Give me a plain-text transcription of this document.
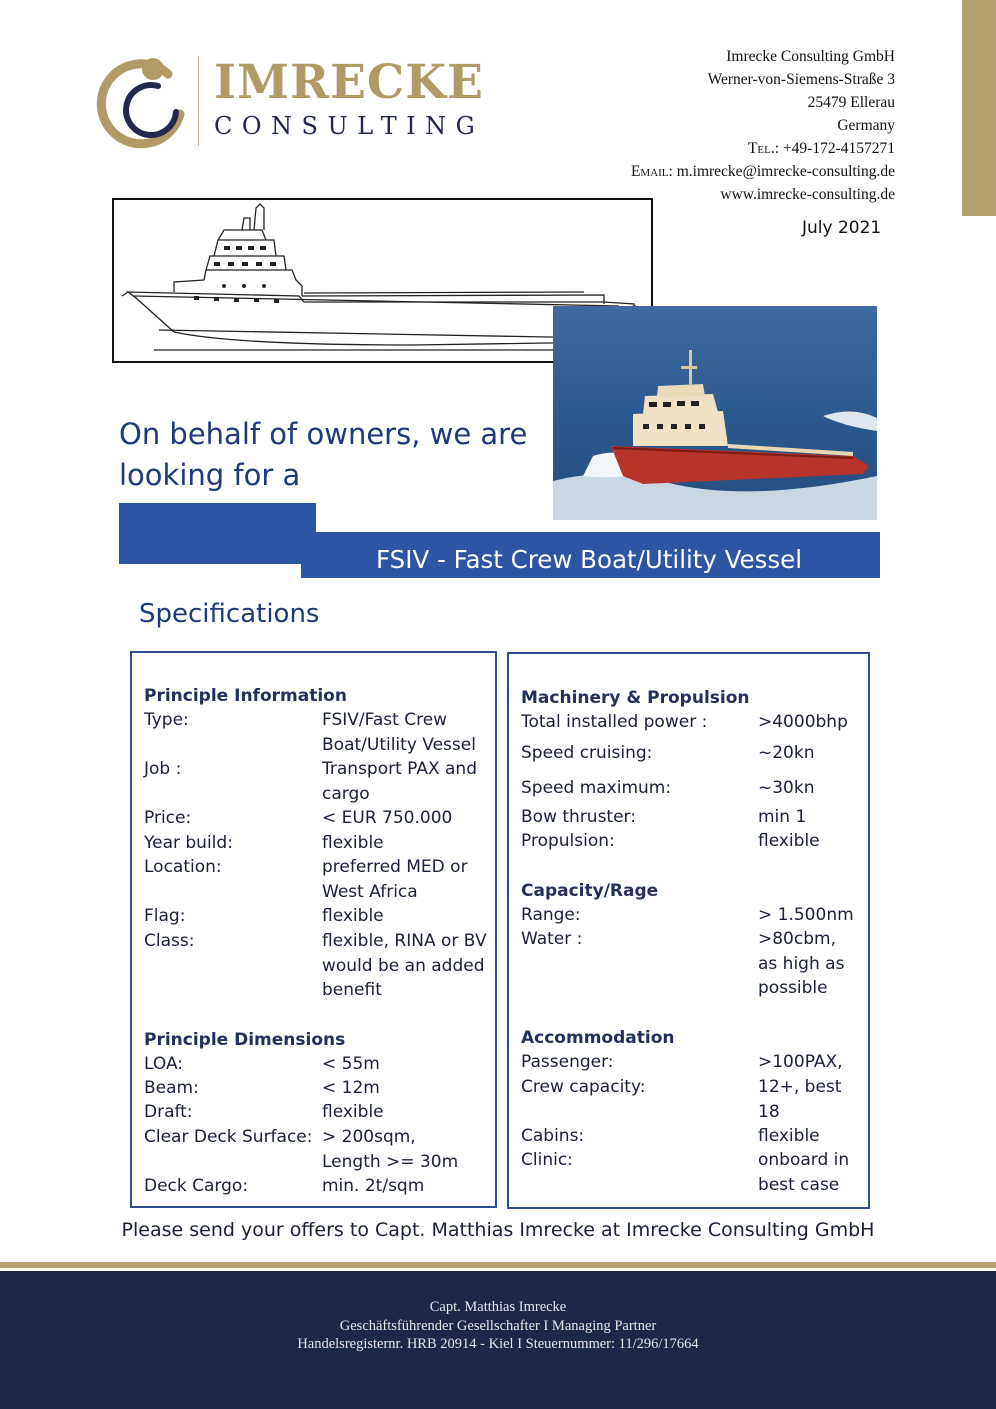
IMRECKE
CONSULTING
Imrecke Consulting GmbH
Werner-von-Siemens-Straße 3
25479 Ellerau
Germany
Tel.: +49-172-4157271
Email: m.imrecke@imrecke-consulting.de
www.imrecke-consulting.de
July 2021
On behalf of owners, we are
looking for a
FSIV - Fast Crew Boat/Utility Vessel
Specifications
Principle Information
Type:	FSIV/Fast Crew Boat/Utility Vessel
Job :	Transport PAX and cargo
Price:	< EUR 750.000
Year build:	flexible
Location:	preferred MED or West Africa
Flag:	flexible
Class:	flexible, RINA or BV would be an added benefit
Principle Dimensions
LOA:	< 55m
Beam:	< 12m
Draft:	flexible
Clear Deck Surface: > 200sqm, Length >= 30m
Deck Cargo:	min. 2t/sqm
Machinery & Propulsion
Total installed power :	>4000bhp
Speed cruising:	~20kn
Speed maximum:	~30kn
Bow thruster:	min 1
Propulsion:	flexible
Capacity/Rage
Range:	> 1.500nm
Water :	>80cbm, as high as possible
Accommodation
Passenger:	>100PAX,
Crew capacity:	12+, best 18
Cabins:	flexible
Clinic:	onboard in best case
Please send your offers to Capt. Matthias Imrecke at Imrecke Consulting GmbH
Capt. Matthias Imrecke
Geschäftsführender Gesellschafter I Managing Partner
Handelsregisternr. HRB 20914 - Kiel I Steuernummer: 11/296/17664
